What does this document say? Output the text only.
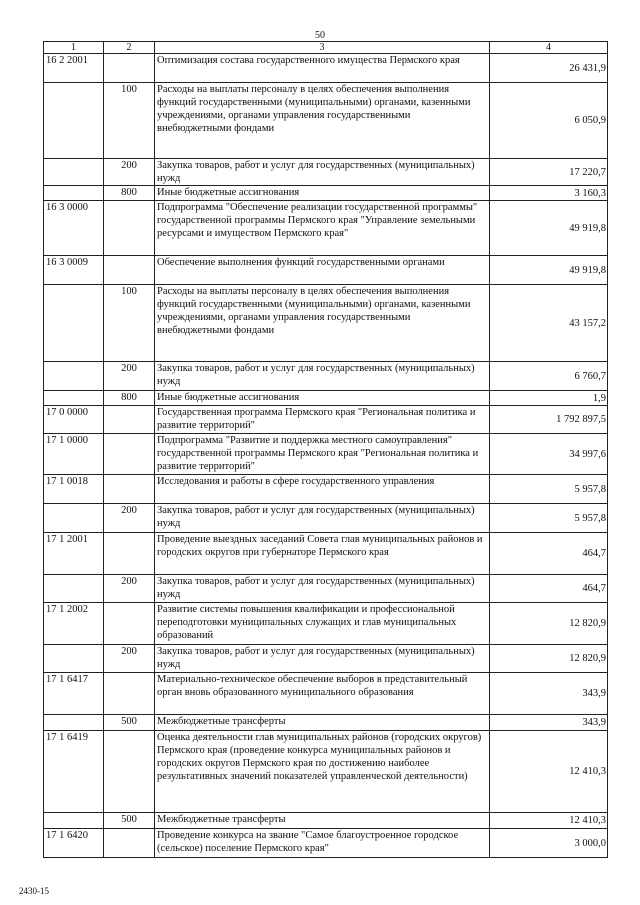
50
1	2	3	4
16 2 2001		Оптимизация состава государственного имущества Пермского края	26 431,9
	100	Расходы на выплаты персоналу в целях обеспечения выполнения функций государственными (муниципальными) органами, казенными учреждениями, органами управления государственными внебюджетными фондами	6 050,9
	200	Закупка товаров, работ и услуг для государственных (муниципальных) нужд	17 220,7
	800	Иные бюджетные ассигнования	3 160,3
16 3 0000		Подпрограмма "Обеспечение реализации государственной программы" государственной программы Пермского края "Управление земельными ресурсами и имуществом Пермского края"	49 919,8
16 3 0009		Обеспечение выполнения функций государственными органами	49 919,8
	100	Расходы на выплаты персоналу в целях обеспечения выполнения функций государственными (муниципальными) органами, казенными учреждениями, органами управления государственными внебюджетными фондами	43 157,2
	200	Закупка товаров, работ и услуг для государственных (муниципальных) нужд	6 760,7
	800	Иные бюджетные ассигнования	1,9
17 0 0000		Государственная программа Пермского края "Региональная политика и развитие территорий"	1 792 897,5
17 1 0000		Подпрограмма "Развитие и поддержка местного самоуправления" государственной программы Пермского края "Региональная политика и развитие территорий"	34 997,6
17 1 0018		Исследования и работы в сфере государственного управления	5 957,8
	200	Закупка товаров, работ и услуг для государственных (муниципальных) нужд	5 957,8
17 1 2001		Проведение выездных заседаний Совета глав муниципальных районов и городских округов при губернаторе Пермского края	464,7
	200	Закупка товаров, работ и услуг для государственных (муниципальных) нужд	464,7
17 1 2002		Развитие системы повышения квалификации и профессиональной переподготовки муниципальных служащих и глав муниципальных образований	12 820,9
	200	Закупка товаров, работ и услуг для государственных (муниципальных) нужд	12 820,9
17 1 6417		Материально-техническое обеспечение выборов в представительный орган вновь образованного муниципального образования	343,9
	500	Межбюджетные трансферты	343,9
17 1 6419		Оценка деятельности глав муниципальных районов (городских округов) Пермского края (проведение конкурса муниципальных районов и городских округов Пермского края по достижению наиболее результативных значений показателей управленческой деятельности)	12 410,3
	500	Межбюджетные трансферты	12 410,3
17 1 6420		Проведение конкурса на звание "Самое благоустроенное городское (сельское) поселение Пермского края"	3 000,0
2430-15
